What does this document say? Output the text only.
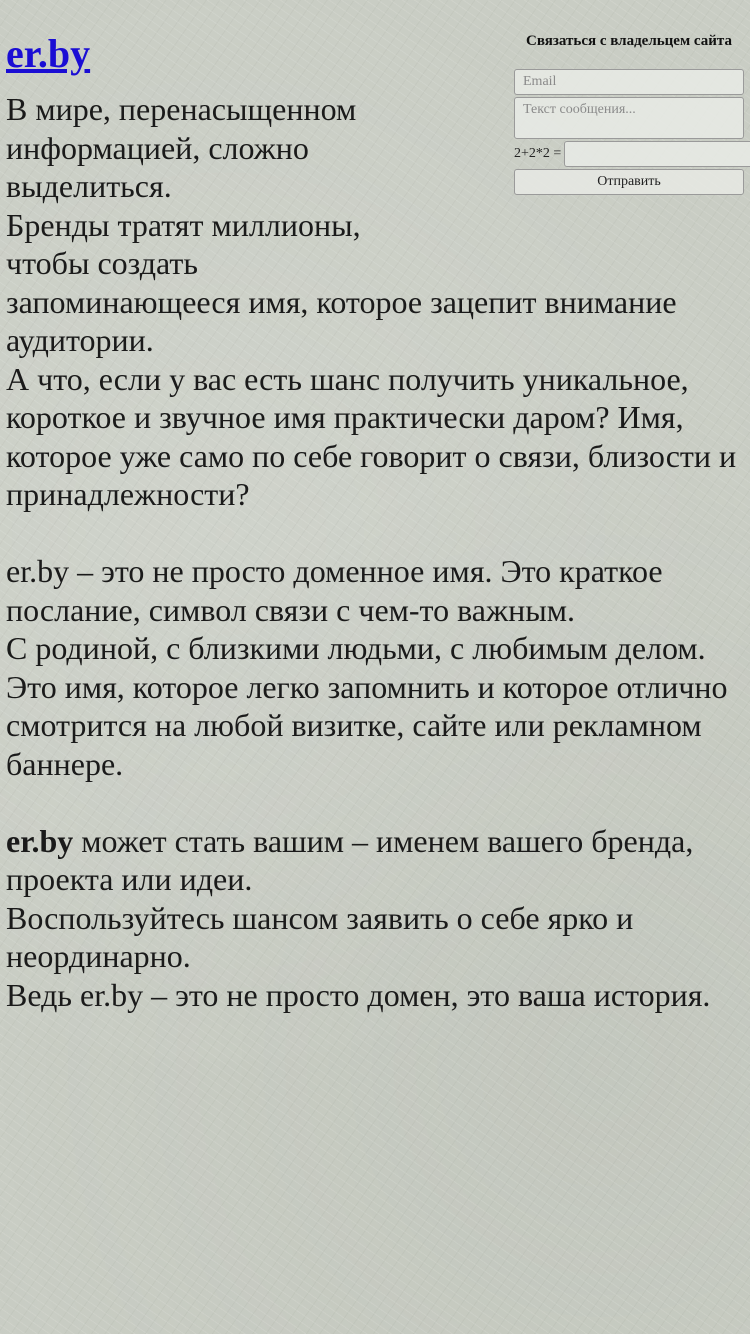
er.by	Связаться с владельцем сайта
Email
Текст сообщения...
2+2*2 =
Отправить

В мире, перенасыщенном
информацией, сложно
выделиться.
Бренды тратят миллионы,
чтобы создать

запоминающееся имя, которое зацепит внимание аудитории.

А что, если у вас есть шанс получить уникальное, короткое и звучное имя практически даром? Имя, которое уже само по себе говорит о связи, близости и принадлежности?

er.by – это не просто доменное имя. Это краткое послание, символ связи с чем-то важным.

С родиной, с близкими людьми, с любимым делом.

Это имя, которое легко запомнить и которое отлично смотрится на любой визитке, сайте или рекламном баннере.

er.by может стать вашим – именем вашего бренда, проекта или идеи.

Воспользуйтесь шансом заявить о себе ярко и неординарно.

Ведь er.by – это не просто домен, это ваша история.
